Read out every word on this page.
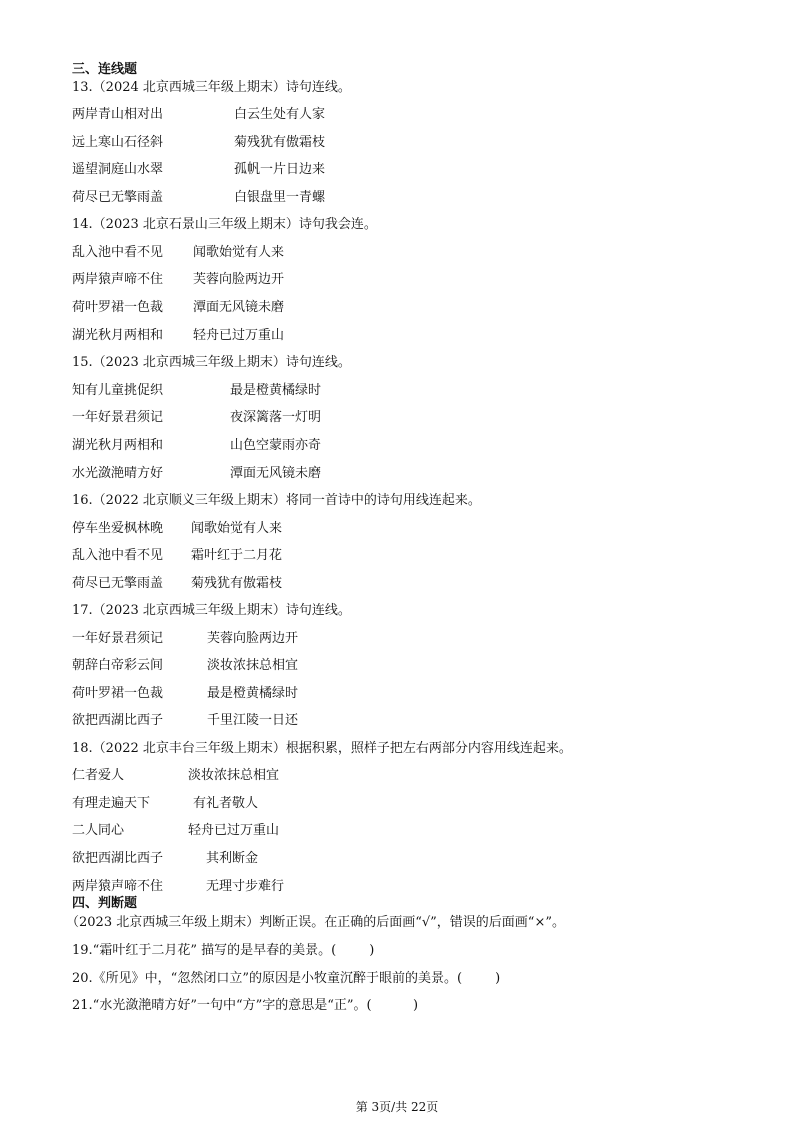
三、连线题
13.（2024 北京西城三年级上期末）诗句连线。
两岸青山相对出	白云生处有人家
远上寒山石径斜	菊残犹有傲霜枝
遥望洞庭山水翠	孤帆一片日边来
荷尽已无擎雨盖	白银盘里一青螺
14.（2023 北京石景山三年级上期末）诗句我会连。
乱入池中看不见 闻歌始觉有人来
两岸猿声啼不住 芙蓉向脸两边开
荷叶罗裙一色裁 潭面无风镜未磨
湖光秋月两相和 轻舟已过万重山
15.（2023 北京西城三年级上期末）诗句连线。
知有儿童挑促织	最是橙黄橘绿时
一年好景君须记	夜深篱落一灯明
湖光秋月两相和	山色空蒙雨亦奇
水光潋滟晴方好	潭面无风镜未磨
16.（2022 北京顺义三年级上期末）将同一首诗中的诗句用线连起来。
停车坐爱枫林晚 闻歌始觉有人来
乱入池中看不见 霜叶红于二月花
荷尽已无擎雨盖 菊残犹有傲霜枝
17.（2023 北京西城三年级上期末）诗句连线。
一年好景君须记	芙蓉向脸两边开
朝辞白帝彩云间	淡妆浓抹总相宜
荷叶罗裙一色裁	最是橙黄橘绿时
欲把西湖比西子	千里江陵一日还
18.（2022 北京丰台三年级上期末）根据积累，照样子把左右两部分内容用线连起来。
仁者爱人	淡妆浓抹总相宜
有理走遍天下	有礼者敬人
二人同心	轻舟已过万重山
欲把西湖比西子	其利断金
两岸猿声啼不住	无理寸步难行
四、判断题
（2023 北京西城三年级上期末）判断正误。在正确的后面画“√”，错误的后面画“×”。
19.“霜叶红于二月花” 描写的是早春的美景。(        )
20.《所见》中，“忽然闭口立”的原因是小牧童沉醉于眼前的美景。(        )
21.“水光潋滟晴方好”一句中“方”字的意思是“正”。(          )
第 3页/共 22页
